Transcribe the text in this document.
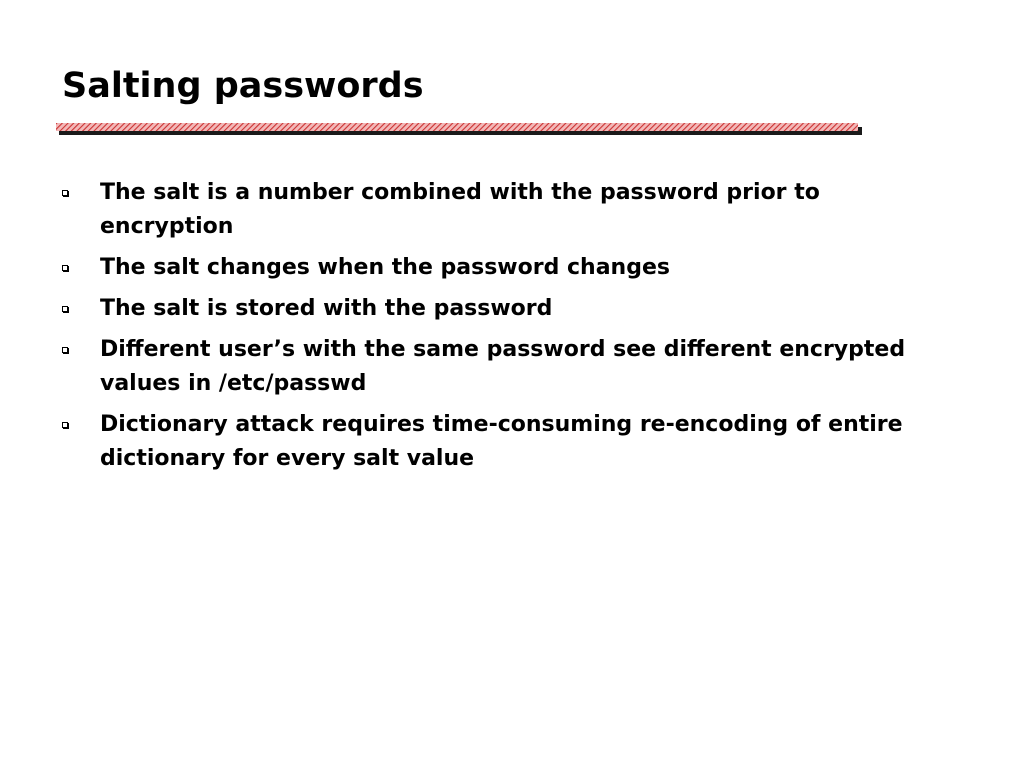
Salting passwords
The salt is a number combined with the password prior to encryption
The salt changes when the password changes
The salt is stored with the password
Different user’s with the same password see different encrypted values in /etc/passwd
Dictionary attack requires time-consuming re-encoding of entire dictionary for every salt value
